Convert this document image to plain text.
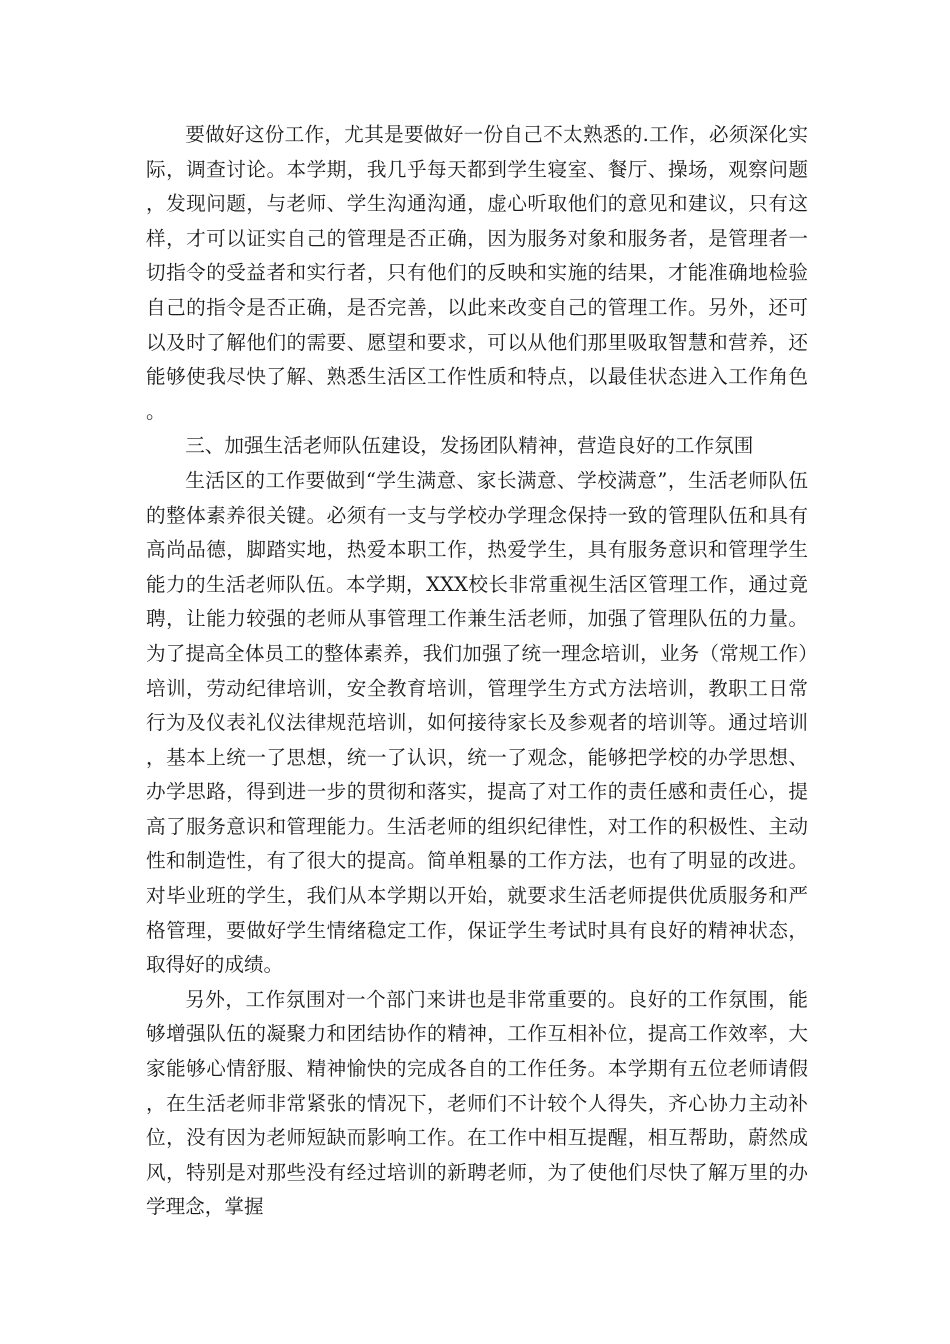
要做好这份工作，尤其是要做好一份自己不太熟悉的.工作，必须深化实际，调查讨论。本学期，我几乎每天都到学生寝室、餐厅、操场，观察问题，发现问题，与老师、学生沟通沟通，虚心听取他们的意见和建议，只有这样，才可以证实自己的管理是否正确，因为服务对象和服务者，是管理者一切指令的受益者和实行者，只有他们的反映和实施的结果，才能准确地检验自己的指令是否正确，是否完善，以此来改变自己的管理工作。另外，还可以及时了解他们的需要、愿望和要求，可以从他们那里吸取智慧和营养，还能够使我尽快了解、熟悉生活区工作性质和特点，以最佳状态进入工作角色。

三、加强生活老师队伍建设，发扬团队精神，营造良好的工作氛围

生活区的工作要做到“学生满意、家长满意、学校满意”，生活老师队伍的整体素养很关键。必须有一支与学校办学理念保持一致的管理队伍和具有高尚品德，脚踏实地，热爱本职工作，热爱学生，具有服务意识和管理学生能力的生活老师队伍。本学期，XXX校长非常重视生活区管理工作，通过竟聘，让能力较强的老师从事管理工作兼生活老师，加强了管理队伍的力量。为了提高全体员工的整体素养，我们加强了统一理念培训，业务（常规工作）培训，劳动纪律培训，安全教育培训，管理学生方式方法培训，教职工日常行为及仪表礼仪法律规范培训，如何接待家长及参观者的培训等。通过培训，基本上统一了思想，统一了认识，统一了观念，能够把学校的办学思想、办学思路，得到进一步的贯彻和落实，提高了对工作的责任感和责任心，提高了服务意识和管理能力。生活老师的组织纪律性，对工作的积极性、主动性和制造性，有了很大的提高。简单粗暴的工作方法，也有了明显的改进。对毕业班的学生，我们从本学期以开始，就要求生活老师提供优质服务和严格管理，要做好学生情绪稳定工作，保证学生考试时具有良好的精神状态，取得好的成绩。

另外，工作氛围对一个部门来讲也是非常重要的。良好的工作氛围，能够增强队伍的凝聚力和团结协作的精神，工作互相补位，提高工作效率，大家能够心情舒服、精神愉快的完成各自的工作任务。本学期有五位老师请假，在生活老师非常紧张的情况下，老师们不计较个人得失，齐心协力主动补位，没有因为老师短缺而影响工作。在工作中相互提醒，相互帮助，蔚然成风，特别是对那些没有经过培训的新聘老师，为了使他们尽快了解万里的办学理念，掌握
